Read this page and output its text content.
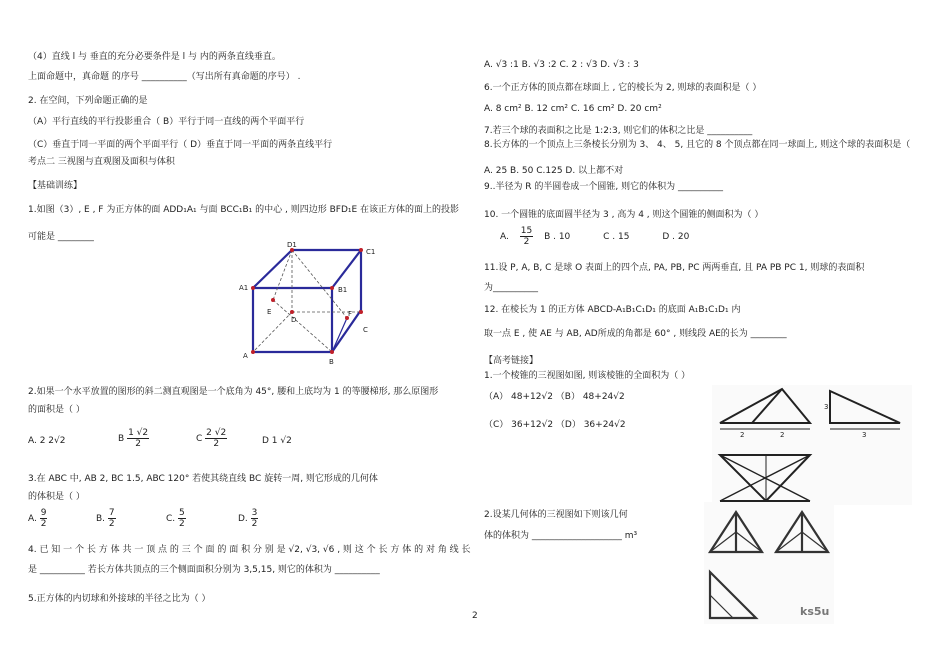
（4）直线 l 与 垂直的充分必要条件是 l 与 内的两条直线垂直。
上面命题中，真命题 的序号 __________（写出所有真命题的序号） .
2. 在空间，下列命题正确的是
（A）平行直线的平行投影重合（ B）平行于同一直线的两个平面平行
（C）垂直于同一平面的两个平面平行（ D）垂直于同一平面的两条直线平行
考点二 三视图与直观图及面积与体积
【基础训练】
1.如图（3）, E , F 为正方体的面 ADD₁A₁ 与面 BCC₁B₁ 的中心 , 则四边形 BFD₁E 在该正方体的面上的投影
可能是 ________
D1
C1
A1	B1
E
D
F
C
A
B
2.如果一个水平放置的图形的斜二测直观图是一个底角为 45°, 腰和上底均为 1 的等腰梯形, 那么原图形
的面积是（ ）
A. 2 2√2	B $\frac{1 √2}{2}$	C $\frac{2 √2}{2}$	D 1 √2
3.在 ABC 中, AB 2, BC 1.5, ABC 120° 若使其绕直线 BC 旋转一周, 则它形成的几何体
的体积是（ ）
A. $\frac{9}{2}$	B. $\frac{7}{2}$	C. $\frac{5}{2}$	D. $\frac{3}{2}$
4. 已 知 一 个 长 方 体 共 一 顶 点 的 三 个 面 的 面 积 分 别 是 √2, √3, √6 , 则 这 个 长 方 体 的 对 角 线 长
是 __________ 若长方体共顶点的三个侧面面积分别为 3,5,15, 则它的体积为 __________
5.正方体的内切球和外接球的半径之比为（ ）
A. √3 :1 B. √3 :2 C. 2 : √3 D. √3 : 3
6.一个正方体的顶点都在球面上 , 它的棱长为 2, 则球的表面积是（ ）
A. 8 cm² B. 12 cm² C. 16 cm² D. 20 cm²
7.若三个球的表面积之比是 1:2:3, 则它们的体积之比是 __________
8.长方体的一个顶点上三条棱长分别为 3、 4、 5, 且它的 8 个顶点都在同一球面上, 则这个球的表面积是（
A. 25 B. 50 C.125 D. 以上都不对
9..半径为 R 的半圆卷成一个圆锥, 则它的体积为 __________
10. 一个圆锥的底面圆半径为 3 , 高为 4 , 则这个圆锥的侧面积为（ ）
A. $\frac{15}{2}$ B . 10	C . 15	D . 20
11.设 P, A, B, C 是球 O 表面上的四个点, PA, PB, PC 两两垂直, 且 PA PB PC 1, 则球的表面积
为__________
12. 在棱长为 1 的正方体 ABCD-A₁B₁C₁D₁ 的底面 A₁B₁C₁D₁ 内
取一点 E , 使 AE 与 AB, AD所成的角都是 60° , 则线段 AE的长为 ________
【高考链接】
1.一个棱锥的三视图如图, 则该棱锥的全面积为（ ）
（A） 48+12√2 （B） 48+24√2
（C） 36+12√2 （D） 36+24√2
2.设某几何体的三视图如下则该几何
体的体积为 ____________________ m³
2	2	3
3
ks5u
2
